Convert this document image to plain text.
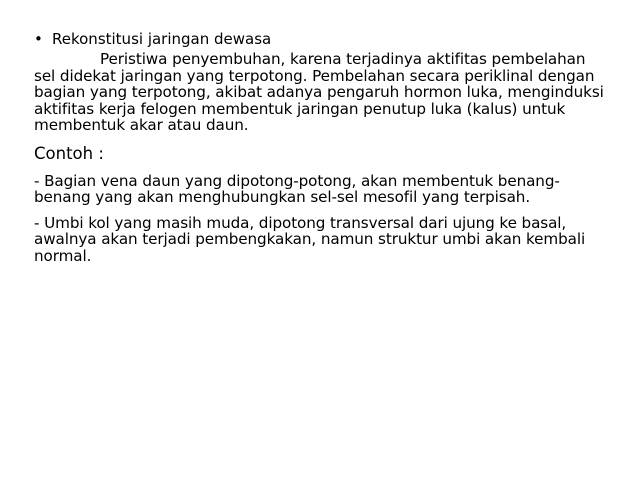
• Rekonstitusi jaringan dewasa

Peristiwa penyembuhan, karena terjadinya aktifitas pembelahan sel didekat jaringan yang terpotong. Pembelahan secara periklinal dengan bagian yang terpotong, akibat adanya pengaruh hormon luka, menginduksi aktifitas kerja felogen membentuk jaringan penutup luka (kalus) untuk membentuk akar atau daun.

Contoh :
- Bagian vena daun yang dipotong-potong, akan membentuk benang-benang yang akan menghubungkan sel-sel mesofil yang terpisah.
- Umbi kol yang masih muda, dipotong transversal dari ujung ke basal, awalnya akan terjadi pembengkakan, namun struktur umbi akan kembali normal.
